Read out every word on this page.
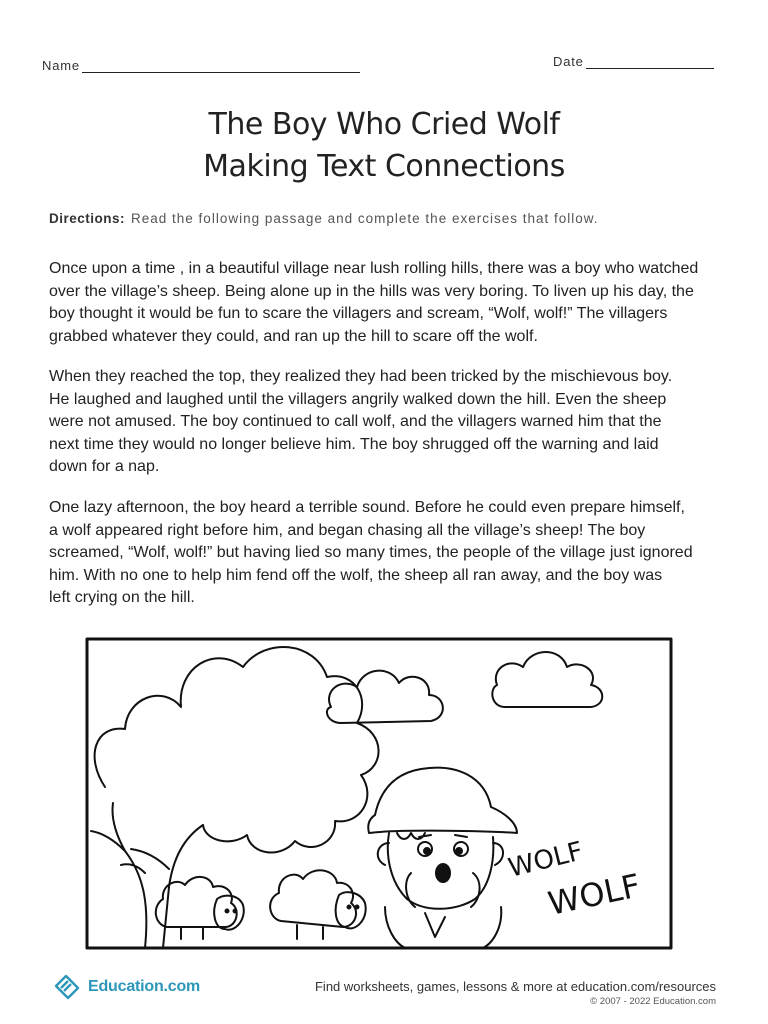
Name	Date
The Boy Who Cried Wolf
Making Text Connections
Directions: Read the following passage and complete the exercises that follow.
Once upon a time , in a beautiful village near lush rolling hills, there was a boy who watched
over the village’s sheep. Being alone up in the hills was very boring. To liven up his day, the
boy thought it would be fun to scare the villagers and scream, “Wolf, wolf!” The villagers
grabbed whatever they could, and ran up the hill to scare off the wolf.
When they reached the top, they realized they had been tricked by the mischievous boy.
He laughed and laughed until the villagers angrily walked down the hill. Even the sheep
were not amused. The boy continued to call wolf, and the villagers warned him that the
next time they would no longer believe him. The boy shrugged off the warning and laid
down for a nap.
One lazy afternoon, the boy heard a terrible sound. Before he could even prepare himself,
a wolf appeared right before him, and began chasing all the village’s sheep! The boy
screamed, “Wolf, wolf!” but having lied so many times, the people of the village just ignored
him. With no one to help him fend off the wolf, the sheep all ran away, and the boy was
left crying on the hill.
WOLF
WOLF
Education.com	Find worksheets, games, lessons & more at education.com/resources
© 2007 - 2022 Education.com
